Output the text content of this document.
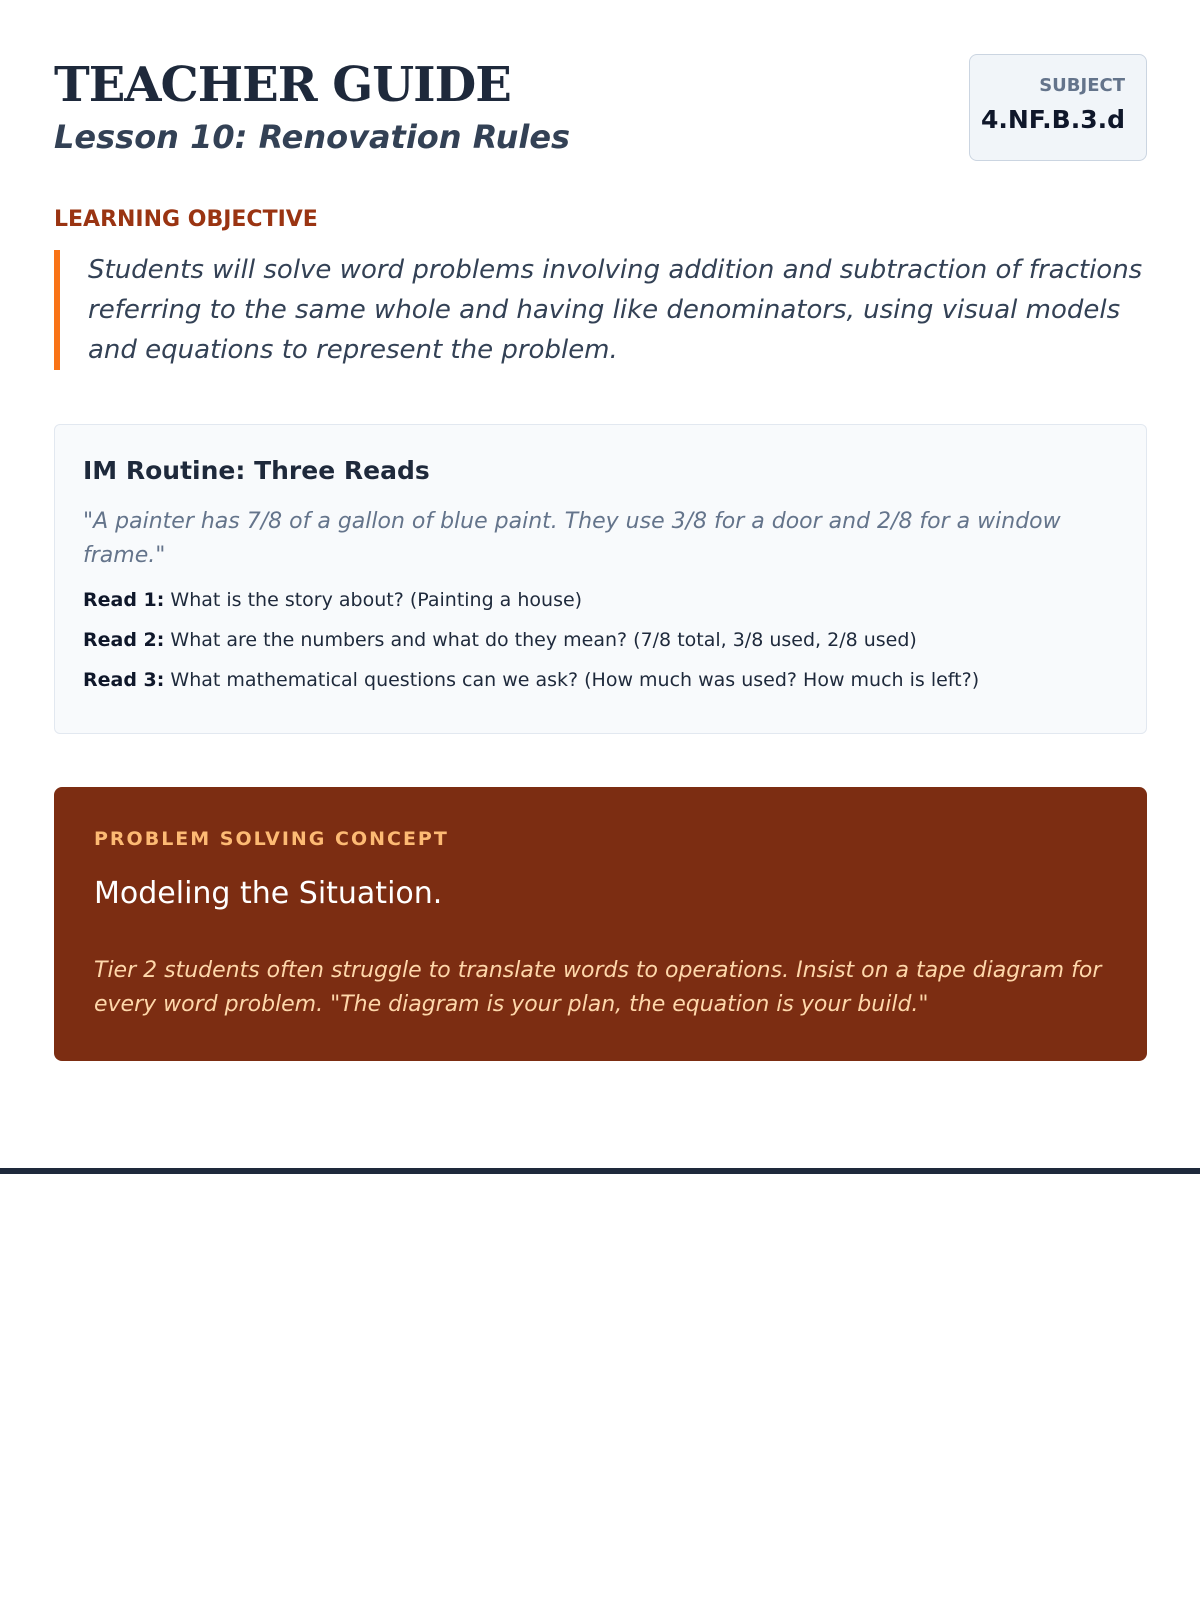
TEACHER GUIDE
Lesson 10: Renovation Rules
SUBJECT
4.NF.B.3.d
LEARNING OBJECTIVE

Students will solve word problems involving addition and subtraction of fractions referring to the same whole and having like denominators, using visual models and equations to represent the problem.

IM Routine: Three Reads

"A painter has 7/8 of a gallon of blue paint. They use 3/8 for a door and 2/8 for a window frame."

Read 1: What is the story about? (Painting a house)
Read 2: What are the numbers and what do they mean? (7/8 total, 3/8 used, 2/8 used)
Read 3: What mathematical questions can we ask? (How much was used? How much is left?)
PROBLEM SOLVING CONCEPT
Modeling the Situation.

Tier 2 students often struggle to translate words to operations. Insist on a tape diagram for every word problem. "The diagram is your plan, the equation is your build."
